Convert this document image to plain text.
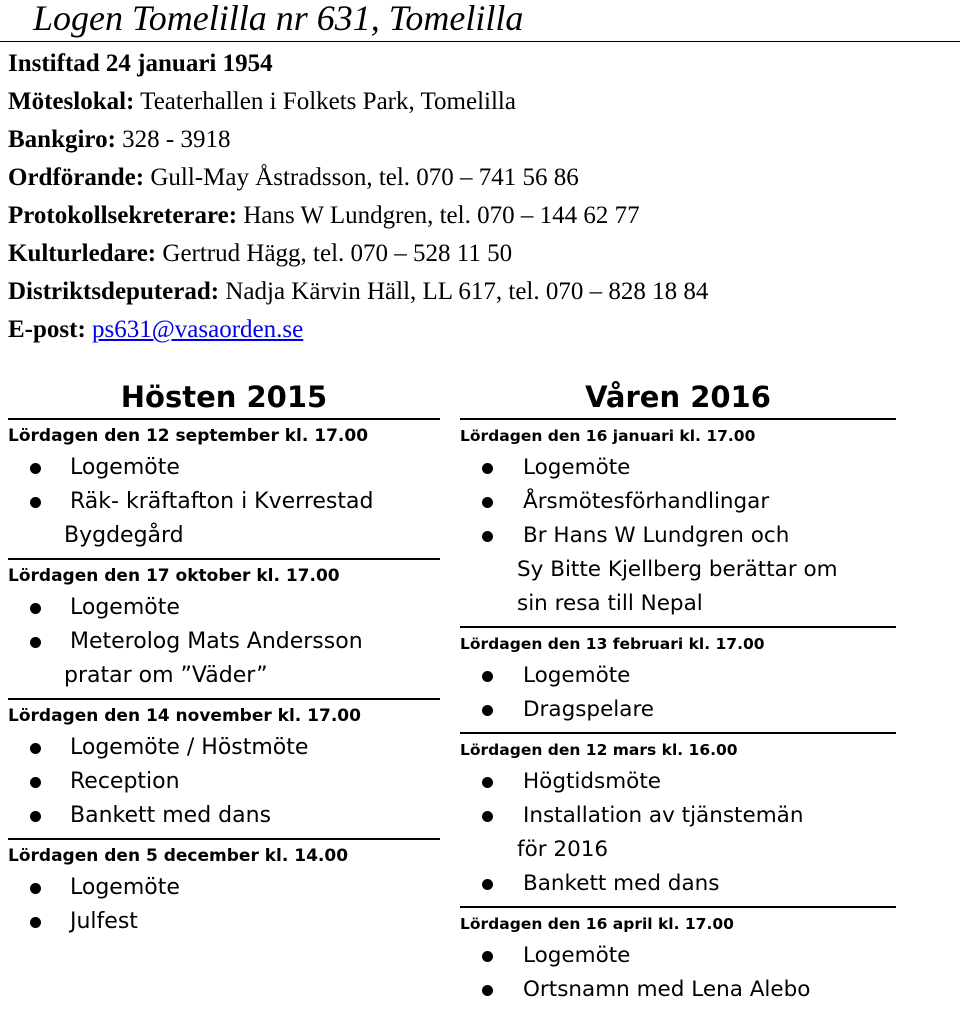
Logen Tomelilla nr 631, Tomelilla
Instiftad 24 januari 1954
Möteslokal: Teaterhallen i Folkets Park, Tomelilla
Bankgiro: 328 - 3918
Ordförande: Gull-May Åstradsson, tel. 070 – 741 56 86
Protokollsekreterare: Hans W Lundgren, tel. 070 – 144 62 77
Kulturledare: Gertrud Hägg, tel. 070 – 528 11 50
Distriktsdeputerad: Nadja Kärvin Häll, LL 617, tel. 070 – 828 18 84
E-post: ps631@vasaorden.se
Hösten 2015
Lördagen den 12 september kl. 17.00
Logemöte
Räk- kräftafton i Kverrestad
Bygdegård
Lördagen den 17 oktober kl. 17.00
Logemöte
Meterolog Mats Andersson
pratar om ”Väder”
Lördagen den 14 november kl. 17.00
Logemöte / Höstmöte
Reception
Bankett med dans
Lördagen den 5 december kl. 14.00
Logemöte
Julfest
Våren 2016
Lördagen den 16 januari kl. 17.00
Logemöte
Årsmötesförhandlingar
Br Hans W Lundgren och
Sy Bitte Kjellberg berättar om
sin resa till Nepal
Lördagen den 13 februari kl. 17.00
Logemöte
Dragspelare
Lördagen den 12 mars kl. 16.00
Högtidsmöte
Installation av tjänstemän
för 2016
Bankett med dans
Lördagen den 16 april kl. 17.00
Logemöte
Ortsnamn med Lena Alebo
